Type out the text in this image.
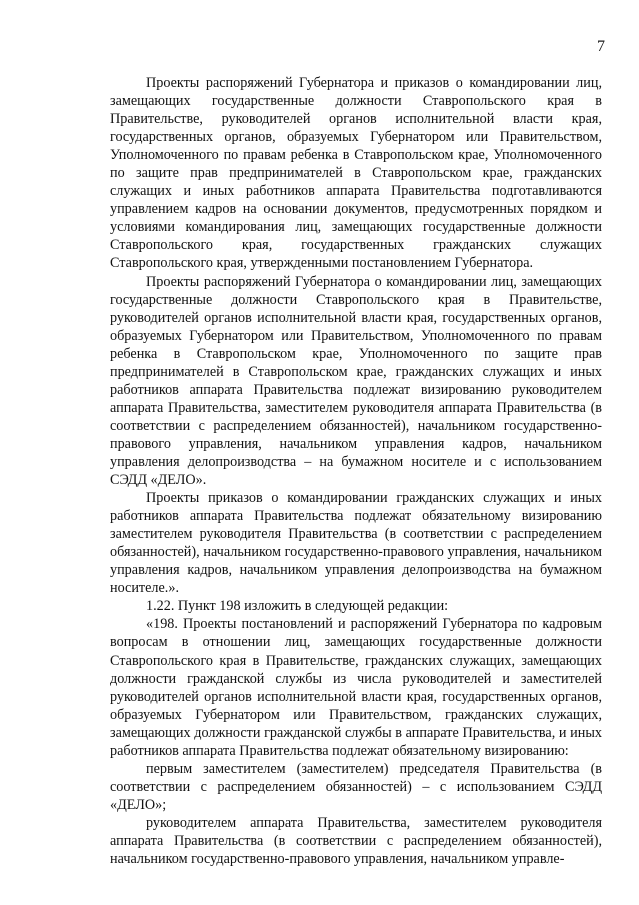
7

Проекты распоряжений Губернатора и приказов о командировании лиц, замещающих государственные должности Ставропольского края в Правительстве, руководителей органов исполнительной власти края, государственных органов, образуемых Губернатором или Правительством, Уполномоченного по правам ребенка в Ставропольском крае, Уполномоченного по защите прав предпринимателей в Ставропольском крае, гражданских служащих и иных работников аппарата Правительства подготавливаются управлением кадров на основании документов, предусмотренных порядком и условиями командирования лиц, замещающих государственные должности Ставропольского края, государственных гражданских служащих Ставропольского края, утвержденными постановлением Губернатора.

Проекты распоряжений Губернатора о командировании лиц, замещающих государственные должности Ставропольского края в Правительстве, руководителей органов исполнительной власти края, государственных органов, образуемых Губернатором или Правительством, Уполномоченного по правам ребенка в Ставропольском крае, Уполномоченного по защите прав предпринимателей в Ставропольском крае, гражданских служащих и иных работников аппарата Правительства подлежат визированию руководителем аппарата Правительства, заместителем руководителя аппарата Правительства (в соответствии с распределением обязанностей), начальником государственно-правового управления, начальником управления кадров, начальником управления делопроизводства – на бумажном носителе и с использованием СЭДД «ДЕЛО».

Проекты приказов о командировании гражданских служащих и иных работников аппарата Правительства подлежат обязательному визированию заместителем руководителя Правительства (в соответствии с распределением обязанностей), начальником государственно-правового управления, начальником управления кадров, начальником управления делопроизводства на бумажном носителе.».

1.22. Пункт 198 изложить в следующей редакции:

«198. Проекты постановлений и распоряжений Губернатора по кадровым вопросам в отношении лиц, замещающих государственные должности Ставропольского края в Правительстве, гражданских служащих, замещающих должности гражданской службы из числа руководителей и заместителей руководителей органов исполнительной власти края, государственных органов, образуемых Губернатором или Правительством, гражданских служащих, замещающих должности гражданской службы в аппарате Правительства, и иных работников аппарата Правительства подлежат обязательному визированию:

первым заместителем (заместителем) председателя Правительства (в соответствии с распределением обязанностей) – с использованием СЭДД «ДЕЛО»;

руководителем аппарата Правительства, заместителем руководителя аппарата Правительства (в соответствии с распределением обязанностей), начальником государственно-правового управления, начальником управле-
